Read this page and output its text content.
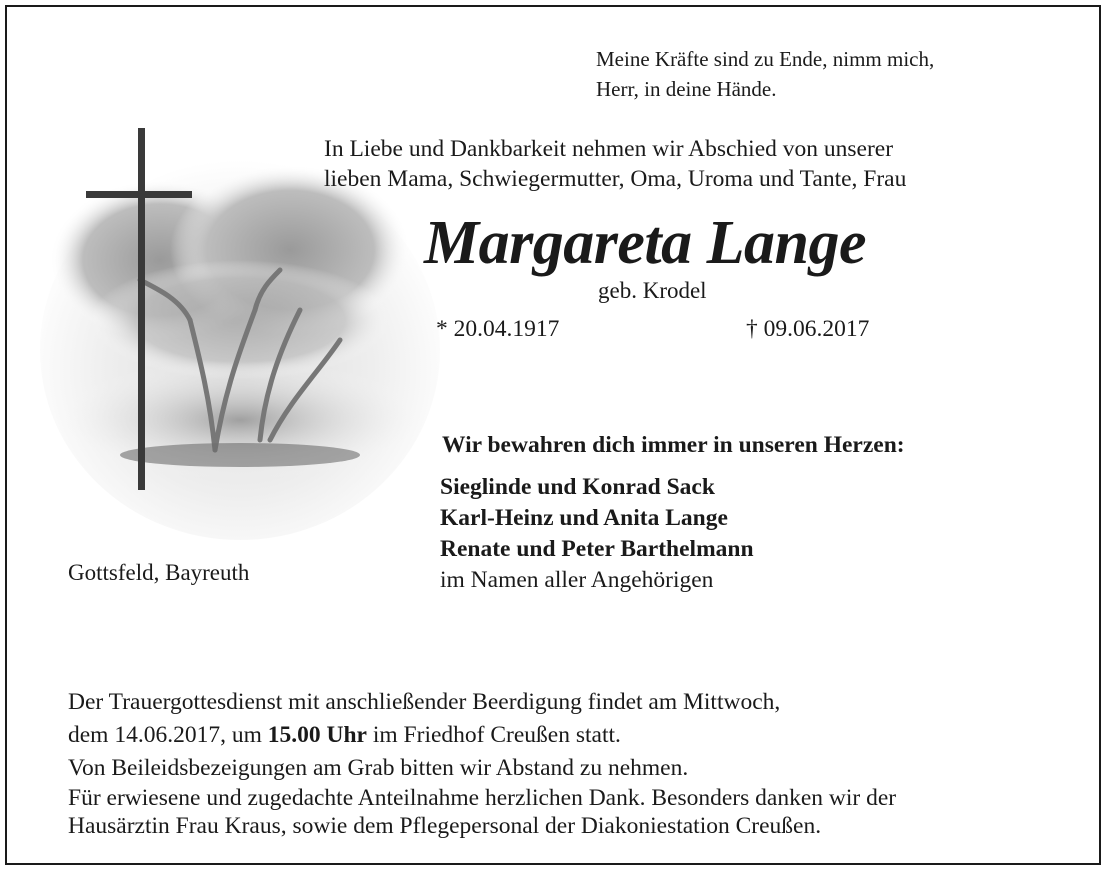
Meine Kräfte sind zu Ende, nimm mich,
Herr, in deine Hände.
In Liebe und Dankbarkeit nehmen wir Abschied von unserer
lieben Mama, Schwiegermutter, Oma, Uroma und Tante, Frau
Margareta Lange
geb. Krodel
* 20.04.1917	† 09.06.2017
Wir bewahren dich immer in unseren Herzen:
Sieglinde und Konrad Sack
Karl-Heinz und Anita Lange
Renate und Peter Barthelmann
im Namen aller Angehörigen
Gottsfeld, Bayreuth
Der Trauergottesdienst mit anschließender Beerdigung findet am Mittwoch,
dem 14.06.2017, um 15.00 Uhr im Friedhof Creußen statt.
Von Beileidsbezeigungen am Grab bitten wir Abstand zu nehmen.
Für erwiesene und zugedachte Anteilnahme herzlichen Dank. Besonders danken wir der
Hausärztin Frau Kraus, sowie dem Pflegepersonal der Diakoniestation Creußen.
